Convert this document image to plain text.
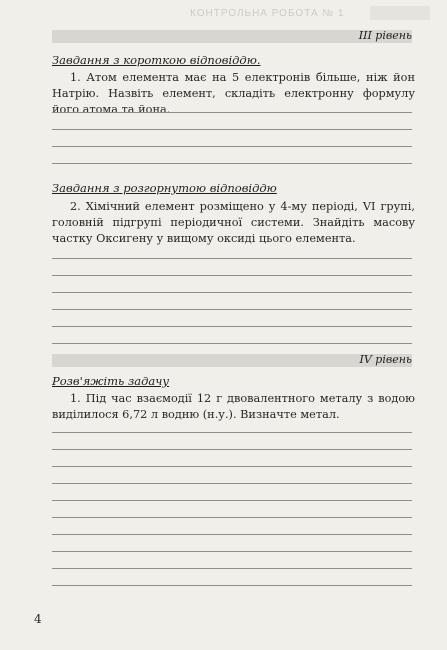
КОНТРОЛЬНА РОБОТА № 1
III рівень
Завдання з короткою відповіддю.
1. Атом елемента має на 5 електронів більше, ніж йон Натрію. Назвіть елемент, складіть електронну формулу його атома та йона.
Завдання з розгорнутою відповіддю
2. Хімічний елемент розміщено у 4-му періоді, VI групі, головній підгрупі періодичної системи. Знайдіть масову частку Оксигену у вищому оксиді цього елемента.
IV рівень
Розв'яжіть задачу
1. Під час взаємодії 12 г двовалентного металу з водою виділилося 6,72 л водню (н.у.). Визначте метал.
4
